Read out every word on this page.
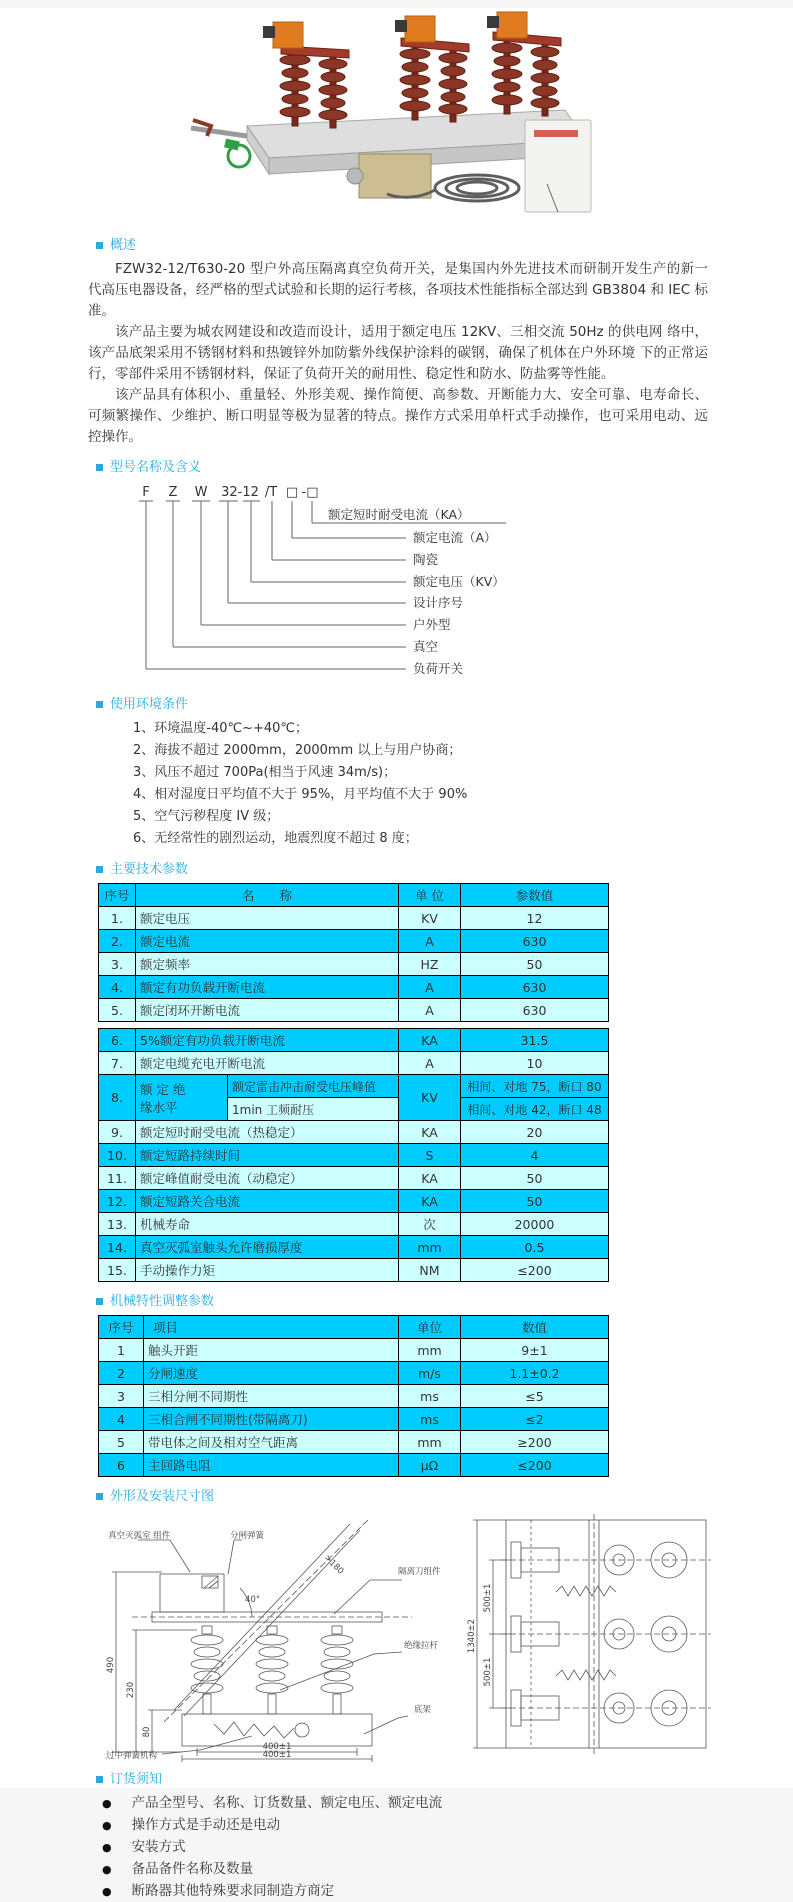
概述

FZW32-12/T630-20 型户外高压隔离真空负荷开关，是集国内外先进技术而研制开发生产的新一代高压电器设备，经严格的型式试验和长期的运行考核，各项技术性能指标全部达到 GB3804 和 IEC 标准。

该产品主要为城农网建设和改造而设计，适用于额定电压 12KV、三相交流 50Hz 的供电网 络中，该产品底架采用不锈钢材料和热镀锌外加防紫外线保护涂料的碳钢，确保了机体在户外环境 下的正常运行，零部件采用不锈钢材料，保证了负荷开关的耐用性、稳定性和防水、防盐雾等性能。

该产品具有体积小、重量轻、外形美观、操作简便、高参数、开断能力大、安全可靠、电寿命长、可频繁操作、少维护、断口明显等极为显著的特点。操作方式采用单杆式手动操作，也可采用电动、远控操作。

型号名称及含义
F Z W 32-12 /T □ -□
额定短时耐受电流（KA）
额定电流（A）
陶瓷
额定电压（KV）
设计序号
户外型
真空
负荷开关
使用环境条件
1、环境温度-40℃~+40℃；
2、海拔不超过 2000mm，2000mm 以上与用户协商；
3、风压不超过 700Pa(相当于风速 34m/s)；
4、相对湿度日平均值不大于 95%，月平均值不大于 90%
5、空气污秽程度 IV 级；
6、无经常性的剧烈运动，地震烈度不超过 8 度；
主要技术参数
序号	名　　称	单 位	参数值
1.	额定电压	KV	12
2.	额定电流	A	630
3.	额定频率	HZ	50
4.	额定有功负载开断电流	A	630
5.	额定闭环开断电流	A	630
6.	5%额定有功负载开断电流		KA	31.5
7.	额定电缆充电开断电流		A	10
8.	额 定 绝
缘水平	额定雷击冲击耐受电压峰值	KV	相间、对地 75，断口 80
		1min 工频耐压		相间、对地 42，断口 48
9.	额定短时耐受电流（热稳定）		KA	20
10.	额定短路持续时间		S	4
11.	额定峰值耐受电流（动稳定）		KA	50
12.	额定短路关合电流		KA	50
13.	机械寿命		次	20000
14.	真空灭弧室触头允许磨损厚度		mm	0.5
15.	手动操作力矩		NM	≤200
机械特性调整参数
序号	项目	单位	数值
1	触头开距	mm	9±1
2	分闸速度	m/s	1.1±0.2
3	三相分闸不同期性	ms	≤5
4	三相合闸不同期性(带隔离刀)	ms	≤2
5	带电体之间及相对空气距离	mm	≥200
6	主回路电阻	μΩ	≤200
外形及安装尺寸图
真空灭弧室 组件	分闸弹簧
隔离刀组件
绝缘拉杆
底架
过中弹簧机构
490
230
80
40°
>180
400±1
400±1
1340±2
500±1
500±1
订货须知
● 产品全型号、名称、订货数量、额定电压、额定电流
● 操作方式是手动还是电动
● 安装方式
● 备品备件名称及数量
● 断路器其他特殊要求同制造方商定
